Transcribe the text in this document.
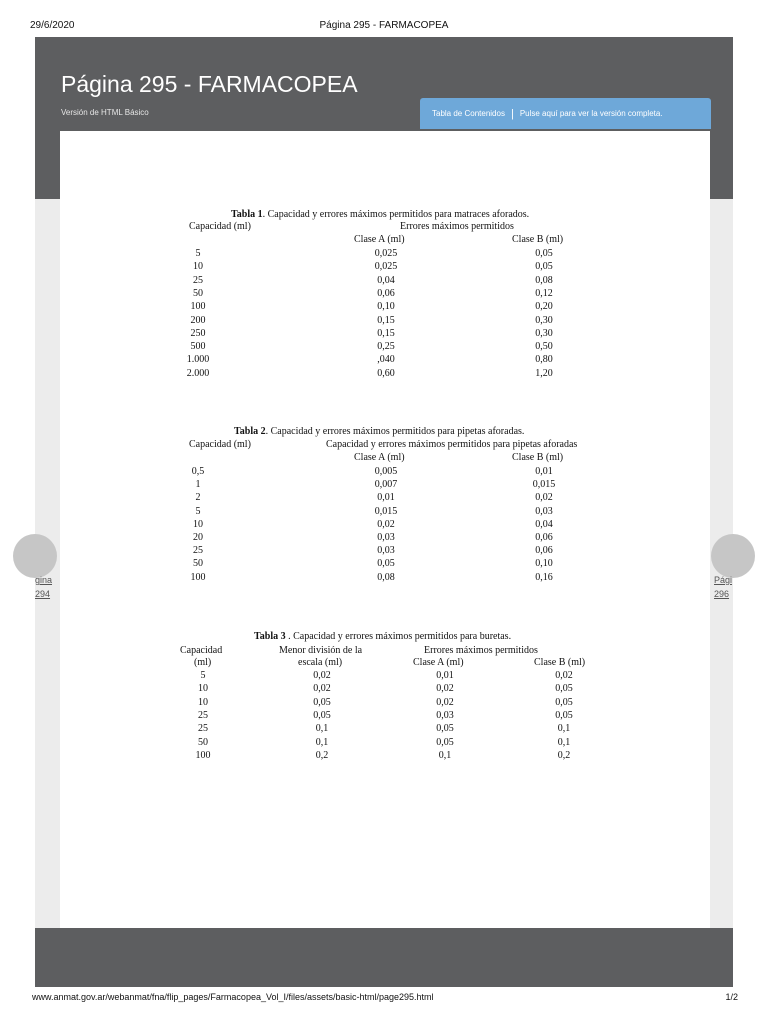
29/6/2020	Página 295 - FARMACOPEA
Página 295 - FARMACOPEA
Versión de HTML Básico	Tabla de Contenidos | Pulse aquí para ver la versión completa.
gina
294
Pági
296
Tabla 1. Capacidad y errores máximos permitidos para matraces aforados.
Capacidad (ml)	Errores máximos permitidos
Clase A (ml)	Clase B (ml)
5	0,025	0,05
10	0,025	0,05
25	0,04	0,08
50	0,06	0,12
100	0,10	0,20
200	0,15	0,30
250	0,15	0,30
500	0,25	0,50
1.000	,040	0,80
2.000	0,60	1,20
Tabla 2. Capacidad y errores máximos permitidos para pipetas aforadas.
Capacidad (ml)	Capacidad y errores máximos permitidos para pipetas aforadas
Clase A (ml)	Clase B (ml)
0,5	0,005	0,01
1	0,007	0,015
2	0,01	0,02
5	0,015	0,03
10	0,02	0,04
20	0,03	0,06
25	0,03	0,06
50	0,05	0,10
100	0,08	0,16
Tabla 3 . Capacidad y errores máximos permitidos para buretas.
Capacidad
(ml)
Menor división de la
escala (ml)
Errores máximos permitidos
Clase A (ml)	Clase B (ml)
5	0,02	0,01	0,02
10	0,02	0,02	0,05
10	0,05	0,02	0,05
25	0,05	0,03	0,05
25	0,1	0,05	0,1
50	0,1	0,05	0,1
100	0,2	0,1	0,2
www.anmat.gov.ar/webanmat/fna/flip_pages/Farmacopea_Vol_I/files/assets/basic-html/page295.html	1/2
